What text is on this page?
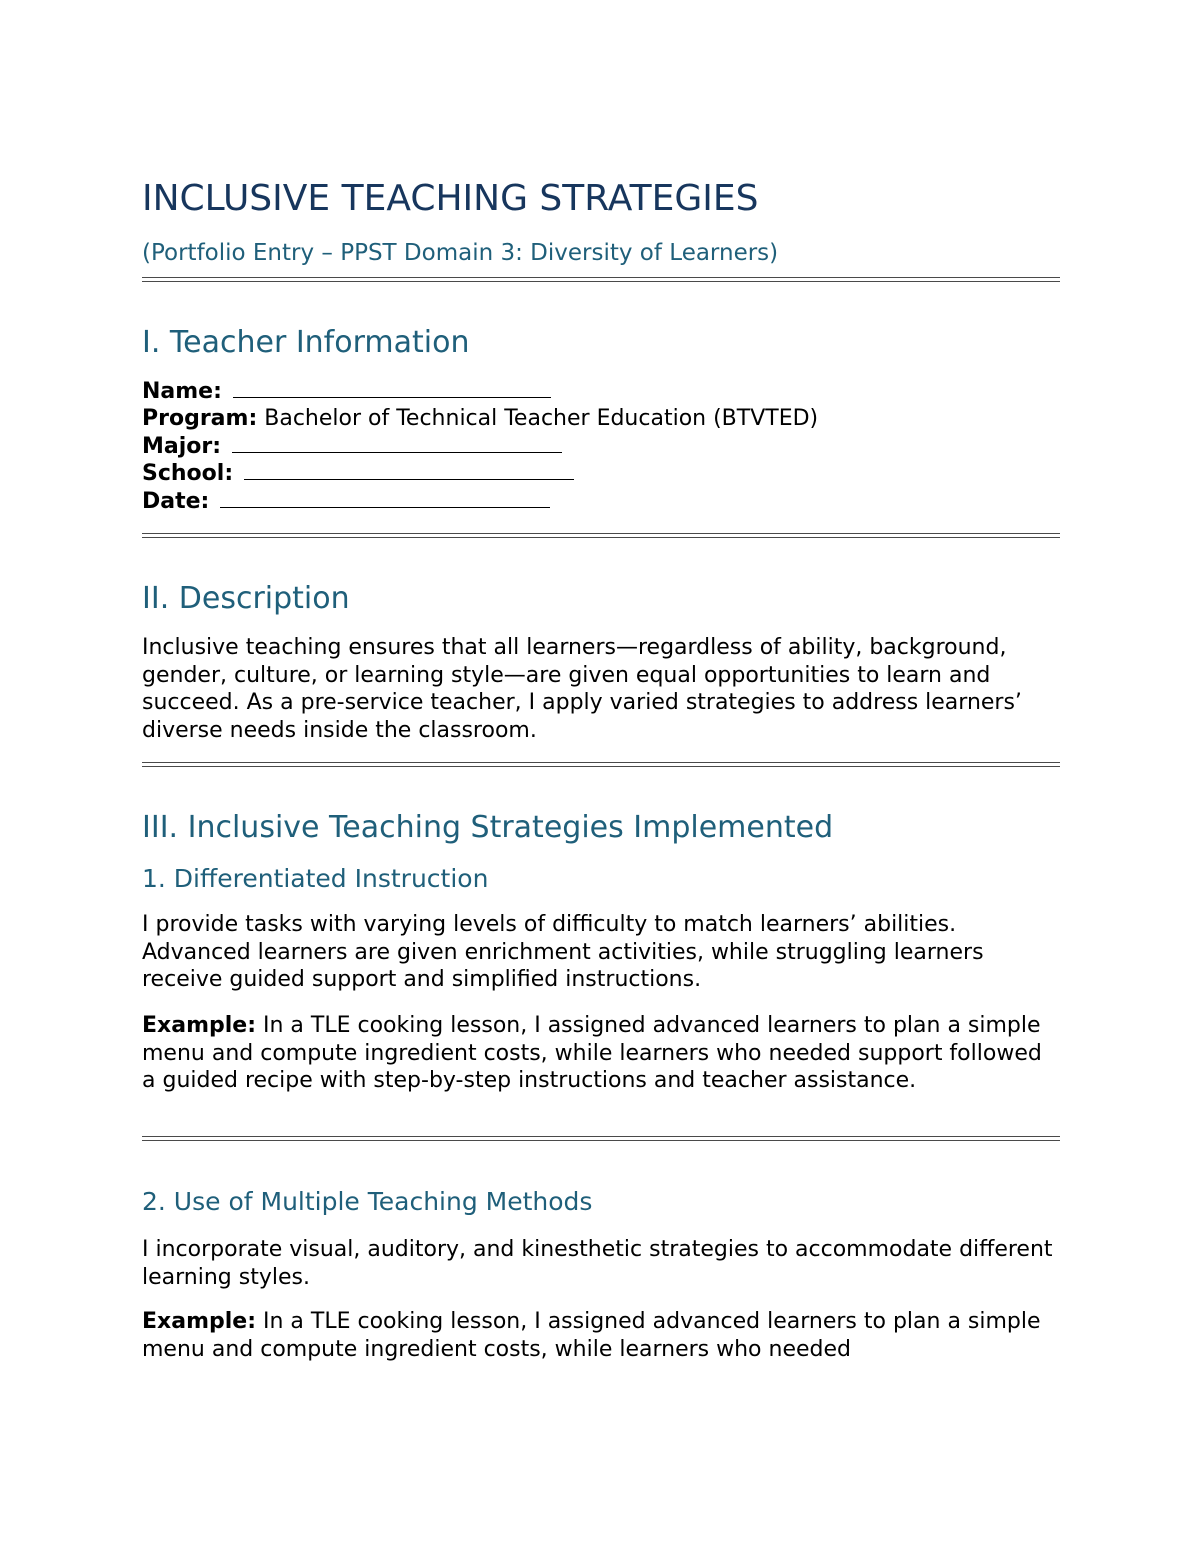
INCLUSIVE TEACHING STRATEGIES

(Portfolio Entry – PPST Domain 3: Diversity of Learners)

I. Teacher Information
Name:
Program: Bachelor of Technical Teacher Education (BTVTED)
Major:
School:
Date:
II. Description

Inclusive teaching ensures that all learners—regardless of ability, background, gender, culture, or learning style—are given equal opportunities to learn and succeed. As a pre-service teacher, I apply varied strategies to address learners’ diverse needs inside the classroom.

III. Inclusive Teaching Strategies Implemented
1. Differentiated Instruction

I provide tasks with varying levels of difficulty to match learners’ abilities. Advanced learners are given enrichment activities, while struggling learners receive guided support and simplified instructions.

Example: In a TLE cooking lesson, I assigned advanced learners to plan a simple menu and compute ingredient costs, while learners who needed support followed a guided recipe with step-by-step instructions and teacher assistance.

2. Use of Multiple Teaching Methods

I incorporate visual, auditory, and kinesthetic strategies to accommodate different learning styles.

Example: In a TLE cooking lesson, I assigned advanced learners to plan a simple menu and compute ingredient costs, while learners who needed
